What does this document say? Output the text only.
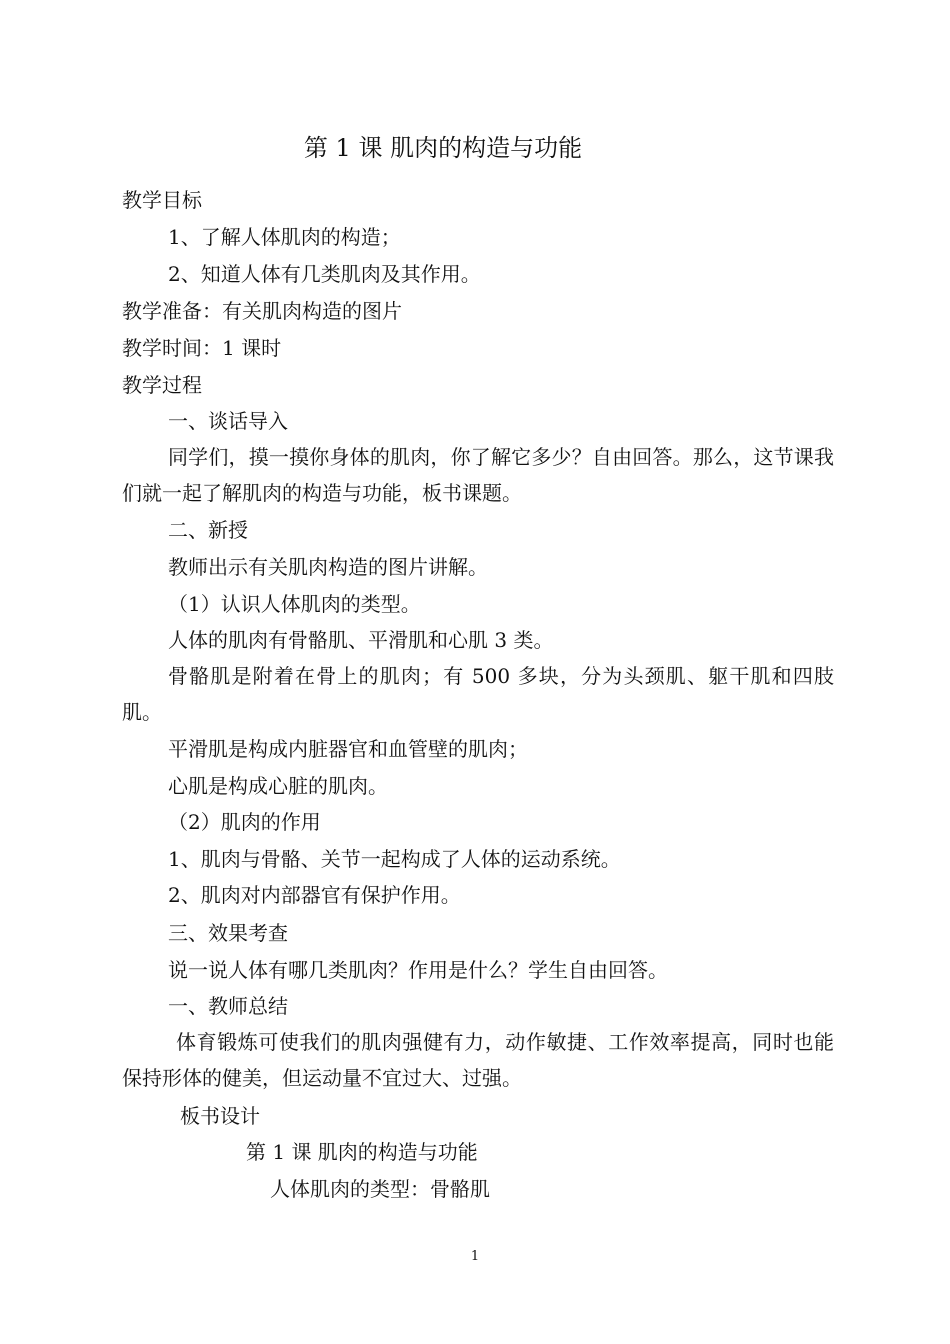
第 1 课 肌肉的构造与功能
教学目标
1、了解人体肌肉的构造；
2、知道人体有几类肌肉及其作用。
教学准备：有关肌肉构造的图片
教学时间：1 课时
教学过程
一、谈话导入
同学们，摸一摸你身体的肌肉，你了解它多少？自由回答。那么，这节课我们就一起了解肌肉的构造与功能，板书课题。
二、新授
教师出示有关肌肉构造的图片讲解。
（1）认识人体肌肉的类型。
人体的肌肉有骨骼肌、平滑肌和心肌 3 类。
骨骼肌是附着在骨上的肌肉；有 500 多块，分为头颈肌、躯干肌和四肢肌。
平滑肌是构成内脏器官和血管壁的肌肉；
心肌是构成心脏的肌肉。
（2）肌肉的作用
1、肌肉与骨骼、关节一起构成了人体的运动系统。
2、肌肉对内部器官有保护作用。
三、效果考查
说一说人体有哪几类肌肉？作用是什么？学生自由回答。
一、教师总结
体育锻炼可使我们的肌肉强健有力，动作敏捷、工作效率提高，同时也能保持形体的健美，但运动量不宜过大、过强。
板书设计
第 1 课 肌肉的构造与功能
人体肌肉的类型：骨骼肌
1
